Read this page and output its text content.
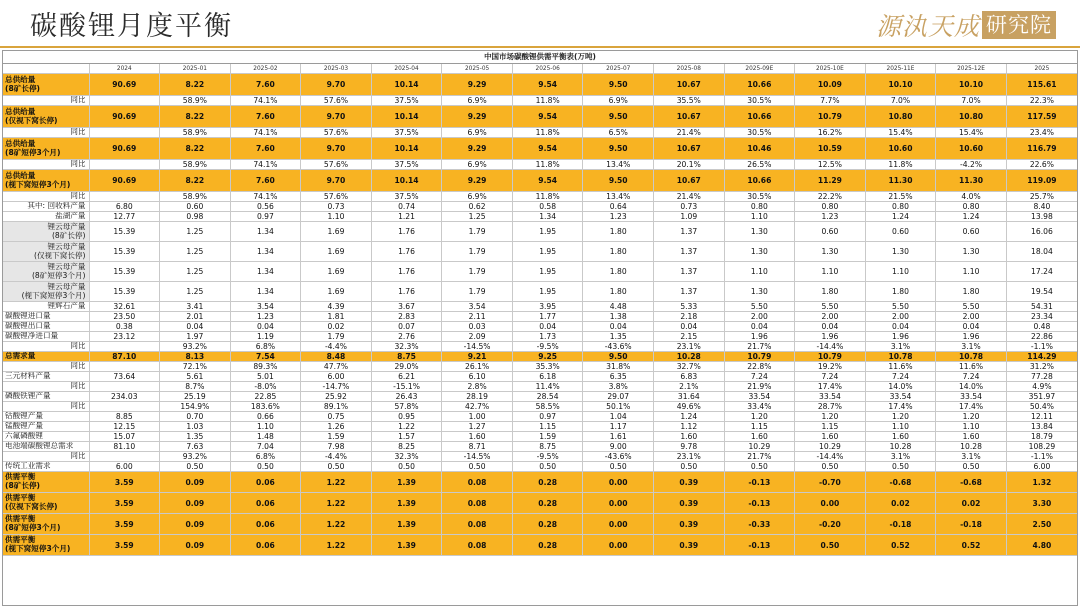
碳酸锂月度平衡	源汍天成 研究院
中国市场碳酸锂供需平衡表(万吨)
	2024	2025-01	2025-02	2025-03	2025-04	2025-05	2025-06	2025-07	2025-08	2025-09E	2025-10E	2025-11E	2025-12E	2025
总供给量
(8矿长停)	90.69	8.22	7.60	9.70	10.14	9.29	9.54	9.50	10.67	10.66	10.09	10.10	10.10	115.61
同比		58.9%	74.1%	57.6%	37.5%	6.9%	11.8%	6.9%	35.5%	30.5%	7.7%	7.0%	7.0%	22.3%
总供给量
(仅视下窝长停)	90.69	8.22	7.60	9.70	10.14	9.29	9.54	9.50	10.67	10.66	10.79	10.80	10.80	117.59
同比		58.9%	74.1%	57.6%	37.5%	6.9%	11.8%	6.5%	21.4%	30.5%	16.2%	15.4%	15.4%	23.4%
总供给量
(8矿短停3个月)	90.69	8.22	7.60	9.70	10.14	9.29	9.54	9.50	10.67	10.46	10.59	10.60	10.60	116.79
同比		58.9%	74.1%	57.6%	37.5%	6.9%	11.8%	13.4%	20.1%	26.5%	12.5%	11.8%	-4.2%	22.6%
总供给量
(枧下窝短停3个月)	90.69	8.22	7.60	9.70	10.14	9.29	9.54	9.50	10.67	10.66	11.29	11.30	11.30	119.09
同比		58.9%	74.1%	57.6%	37.5%	6.9%	11.8%	13.4%	21.4%	30.5%	22.2%	21.5%	4.0%	25.7%
其中: 回收料产量	6.80	0.60	0.56	0.73	0.74	0.62	0.58	0.64	0.73	0.80	0.80	0.80	0.80	8.40
盐湖产量	12.77	0.98	0.97	1.10	1.21	1.25	1.34	1.23	1.09	1.10	1.23	1.24	1.24	13.98
锂云母产量
(8矿长停)	15.39	1.25	1.34	1.69	1.76	1.79	1.95	1.80	1.37	1.30	0.60	0.60	0.60	16.06
锂云母产量
(仅视下窝长停)	15.39	1.25	1.34	1.69	1.76	1.79	1.95	1.80	1.37	1.30	1.30	1.30	1.30	18.04
锂云母产量
(8矿短停3个月)	15.39	1.25	1.34	1.69	1.76	1.79	1.95	1.80	1.37	1.10	1.10	1.10	1.10	17.24
锂云母产量
(枧下窝短停3个月)	15.39	1.25	1.34	1.69	1.76	1.79	1.95	1.80	1.37	1.30	1.80	1.80	1.80	19.54
锂辉石产量	32.61	3.41	3.54	4.39	3.67	3.54	3.95	4.48	5.33	5.50	5.50	5.50	5.50	54.31
碳酸锂进口量	23.50	2.01	1.23	1.81	2.83	2.11	1.77	1.38	2.18	2.00	2.00	2.00	2.00	23.34
碳酸锂出口量	0.38	0.04	0.04	0.02	0.07	0.03	0.04	0.04	0.04	0.04	0.04	0.04	0.04	0.48
碳酸锂净进口量	23.12	1.97	1.19	1.79	2.76	2.09	1.73	1.35	2.15	1.96	1.96	1.96	1.96	22.86
同比		93.2%	6.8%	-4.4%	32.3%	-14.5%	-9.5%	-43.6%	23.1%	21.7%	-14.4%	3.1%	3.1%	-1.1%
总需求量	87.10	8.13	7.54	8.48	8.75	9.21	9.25	9.50	10.28	10.79	10.79	10.78	10.78	114.29
同比		72.1%	89.3%	47.7%	29.0%	26.1%	35.3%	31.8%	32.7%	22.8%	19.2%	11.6%	11.6%	31.2%
三元材料产量	73.64	5.61	5.01	6.00	6.21	6.10	6.18	6.35	6.83	7.24	7.24	7.24	7.24	77.28
同比		8.7%	-8.0%	-14.7%	-15.1%	2.8%	11.4%	3.8%	2.1%	21.9%	17.4%	14.0%	14.0%	4.9%
磷酸铁锂产量	234.03	25.19	22.85	25.92	26.43	28.19	28.54	29.07	31.64	33.54	33.54	33.54	33.54	351.97
同比		154.9%	183.6%	89.1%	57.8%	42.7%	58.5%	50.1%	49.6%	33.4%	28.7%	17.4%	17.4%	50.4%
钴酸锂产量	8.85	0.70	0.66	0.75	0.95	1.00	0.97	1.04	1.24	1.20	1.20	1.20	1.20	12.11
锰酸锂产量	12.15	1.03	1.10	1.26	1.22	1.27	1.15	1.17	1.12	1.15	1.15	1.10	1.10	13.84
六氟磷酸锂	15.07	1.35	1.48	1.59	1.57	1.60	1.59	1.61	1.60	1.60	1.60	1.60	1.60	18.79
电池端碳酸锂总需求	81.10	7.63	7.04	7.98	8.25	8.71	8.75	9.00	9.78	10.29	10.29	10.28	10.28	108.29
同比		93.2%	6.8%	-4.4%	32.3%	-14.5%	-9.5%	-43.6%	23.1%	21.7%	-14.4%	3.1%	3.1%	-1.1%
传统工业需求	6.00	0.50	0.50	0.50	0.50	0.50	0.50	0.50	0.50	0.50	0.50	0.50	0.50	6.00
供需平衡
(8矿长停)	3.59	0.09	0.06	1.22	1.39	0.08	0.28	0.00	0.39	-0.13	-0.70	-0.68	-0.68	1.32
供需平衡
(仅视下窝长停)	3.59	0.09	0.06	1.22	1.39	0.08	0.28	0.00	0.39	-0.13	0.00	0.02	0.02	3.30
供需平衡
(8矿短停3个月)	3.59	0.09	0.06	1.22	1.39	0.08	0.28	0.00	0.39	-0.33	-0.20	-0.18	-0.18	2.50
供需平衡
(枧下窝短停3个月)	3.59	0.09	0.06	1.22	1.39	0.08	0.28	0.00	0.39	-0.13	0.50	0.52	0.52	4.80
